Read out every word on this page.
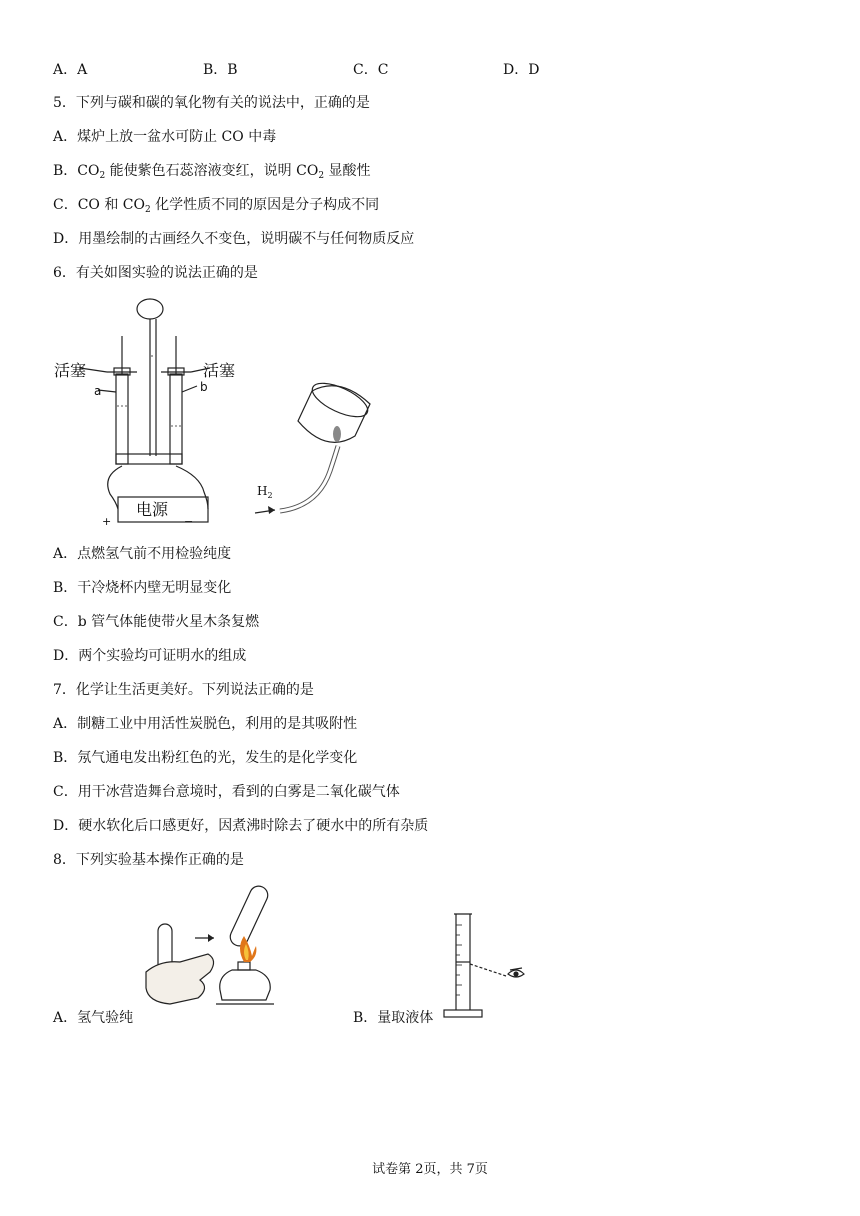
A．A	B．B	C．C	D．D
5．下列与碳和碳的氧化物有关的说法中，正确的是
A．煤炉上放一盆水可防止 CO 中毒
B．$CO_2$ 能使紫色石蕊溶液变红，说明 $CO_2$ 显酸性
C．CO 和 $CO_2$ 化学性质不同的原因是分子构成不同
D．用墨绘制的古画经久不变色，说明碳不与任何物质反应
6．有关如图实验的说法正确的是
活塞	活塞
a	b
电源
+	−
$H_2$
A．点燃氢气前不用检验纯度
B．干冷烧杯内壁无明显变化
C．b 管气体能使带火星木条复燃
D．两个实验均可证明水的组成
7．化学让生活更美好。下列说法正确的是
A．制糖工业中用活性炭脱色，利用的是其吸附性
B．氖气通电发出粉红色的光，发生的是化学变化
C．用干冰营造舞台意境时，看到的白雾是二氧化碳气体
D．硬水软化后口感更好，因煮沸时除去了硬水中的所有杂质
8．下列实验基本操作正确的是
A．氢气验纯	B．量取液体
试卷第 2页，共 7页
